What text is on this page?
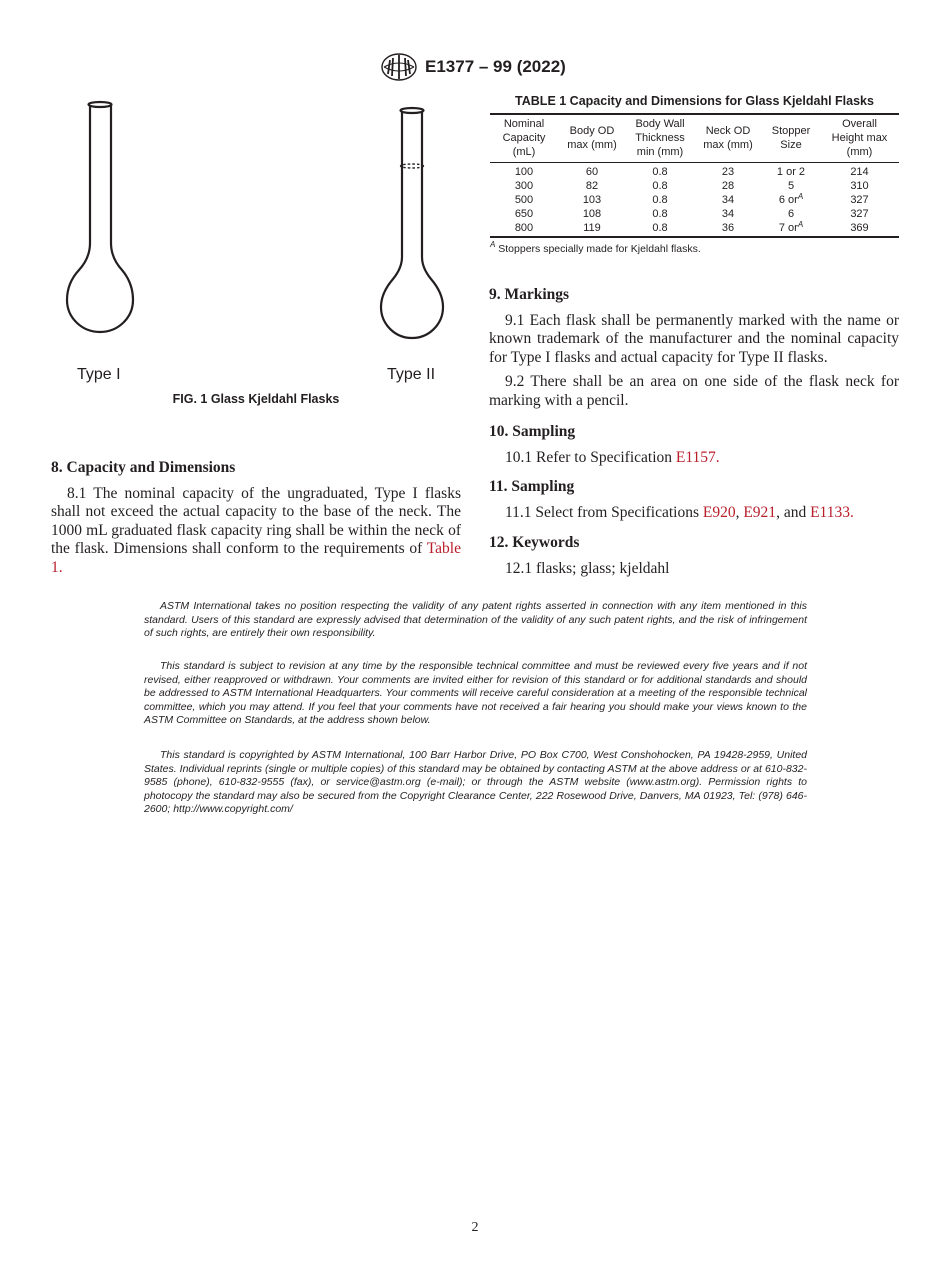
E1377 – 99 (2022)
Type I	Type II
FIG. 1 Glass Kjeldahl Flasks
TABLE 1 Capacity and Dimensions for Glass Kjeldahl Flasks
Nominal
Capacity
(mL)	Body OD
max (mm)	Body Wall
Thickness
min (mm)	Neck OD
max (mm)	Stopper
Size	Overall
Height max
(mm)
100	60	0.8	23	1 or 2	214
300	82	0.8	28	5	310
500	103	0.8	34	6 $or^A$	327
650	108	0.8	34	6	327
800	119	0.8	36	7 $or^A$	369
$^A$ Stoppers specially made for Kjeldahl flasks.
8. Capacity and Dimensions
8.1 The nominal capacity of the ungraduated, Type I flasks shall not exceed the actual capacity to the base of the neck. The 1000 mL graduated flask capacity ring shall be within the neck of the flask. Dimensions shall conform to the requirements of Table 1.
9. Markings
9.1 Each flask shall be permanently marked with the name or known trademark of the manufacturer and the nominal capacity for Type I flasks and actual capacity for Type II flasks.
9.2 There shall be an area on one side of the flask neck for marking with a pencil.
10. Sampling
10.1 Refer to Specification E1157.
11. Sampling
11.1 Select from Specifications E920, E921, and E1133.
12. Keywords
12.1 flasks; glass; kjeldahl
ASTM International takes no position respecting the validity of any patent rights asserted in connection with any item mentioned in this standard. Users of this standard are expressly advised that determination of the validity of any such patent rights, and the risk of infringement of such rights, are entirely their own responsibility.
This standard is subject to revision at any time by the responsible technical committee and must be reviewed every five years and if not revised, either reapproved or withdrawn. Your comments are invited either for revision of this standard or for additional standards and should be addressed to ASTM International Headquarters. Your comments will receive careful consideration at a meeting of the responsible technical committee, which you may attend. If you feel that your comments have not received a fair hearing you should make your views known to the ASTM Committee on Standards, at the address shown below.
This standard is copyrighted by ASTM International, 100 Barr Harbor Drive, PO Box C700, West Conshohocken, PA 19428-2959, United States. Individual reprints (single or multiple copies) of this standard may be obtained by contacting ASTM at the above address or at 610-832-9585 (phone), 610-832-9555 (fax), or service@astm.org (e-mail); or through the ASTM website (www.astm.org). Permission rights to photocopy the standard may also be secured from the Copyright Clearance Center, 222 Rosewood Drive, Danvers, MA 01923, Tel: (978) 646-2600; http://www.copyright.com/
2
